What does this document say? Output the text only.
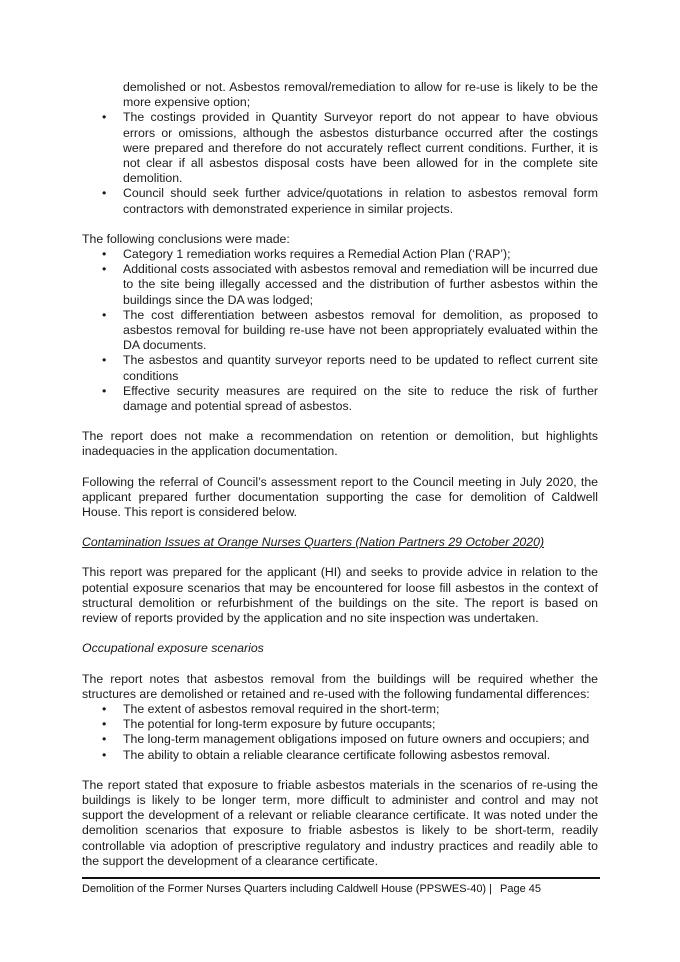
demolished or not. Asbestos removal/remediation to allow for re-use is likely to be the more expensive option;

• The costings provided in Quantity Surveyor report do not appear to have obvious errors or omissions, although the asbestos disturbance occurred after the costings were prepared and therefore do not accurately reflect current conditions. Further, it is not clear if all asbestos disposal costs have been allowed for in the complete site demolition.
• Council should seek further advice/quotations in relation to asbestos removal form contractors with demonstrated experience in similar projects.

The following conclusions were made:

• Category 1 remediation works requires a Remedial Action Plan (‘RAP’);
• Additional costs associated with asbestos removal and remediation will be incurred due to the site being illegally accessed and the distribution of further asbestos within the buildings since the DA was lodged;
• The cost differentiation between asbestos removal for demolition, as proposed to asbestos removal for building re-use have not been appropriately evaluated within the DA documents.
• The asbestos and quantity surveyor reports need to be updated to reflect current site conditions
• Effective security measures are required on the site to reduce the risk of further damage and potential spread of asbestos.

The report does not make a recommendation on retention or demolition, but highlights inadequacies in the application documentation.

Following the referral of Council’s assessment report to the Council meeting in July 2020, the applicant prepared further documentation supporting the case for demolition of Caldwell House. This report is considered below.

Contamination Issues at Orange Nurses Quarters (Nation Partners 29 October 2020)

This report was prepared for the applicant (HI) and seeks to provide advice in relation to the potential exposure scenarios that may be encountered for loose fill asbestos in the context of structural demolition or refurbishment of the buildings on the site. The report is based on review of reports provided by the application and no site inspection was undertaken.

Occupational exposure scenarios

The report notes that asbestos removal from the buildings will be required whether the structures are demolished or retained and re-used with the following fundamental differences:

• The extent of asbestos removal required in the short-term;
• The potential for long-term exposure by future occupants;
• The long-term management obligations imposed on future owners and occupiers; and
• The ability to obtain a reliable clearance certificate following asbestos removal.

The report stated that exposure to friable asbestos materials in the scenarios of re-using the buildings is likely to be longer term, more difficult to administer and control and may not support the development of a relevant or reliable clearance certificate. It was noted under the demolition scenarios that exposure to friable asbestos is likely to be short-term, readily controllable via adoption of prescriptive regulatory and industry practices and readily able to the support the development of a clearance certificate.

Demolition of the Former Nurses Quarters including Caldwell House (PPSWES-40) | Page 45
